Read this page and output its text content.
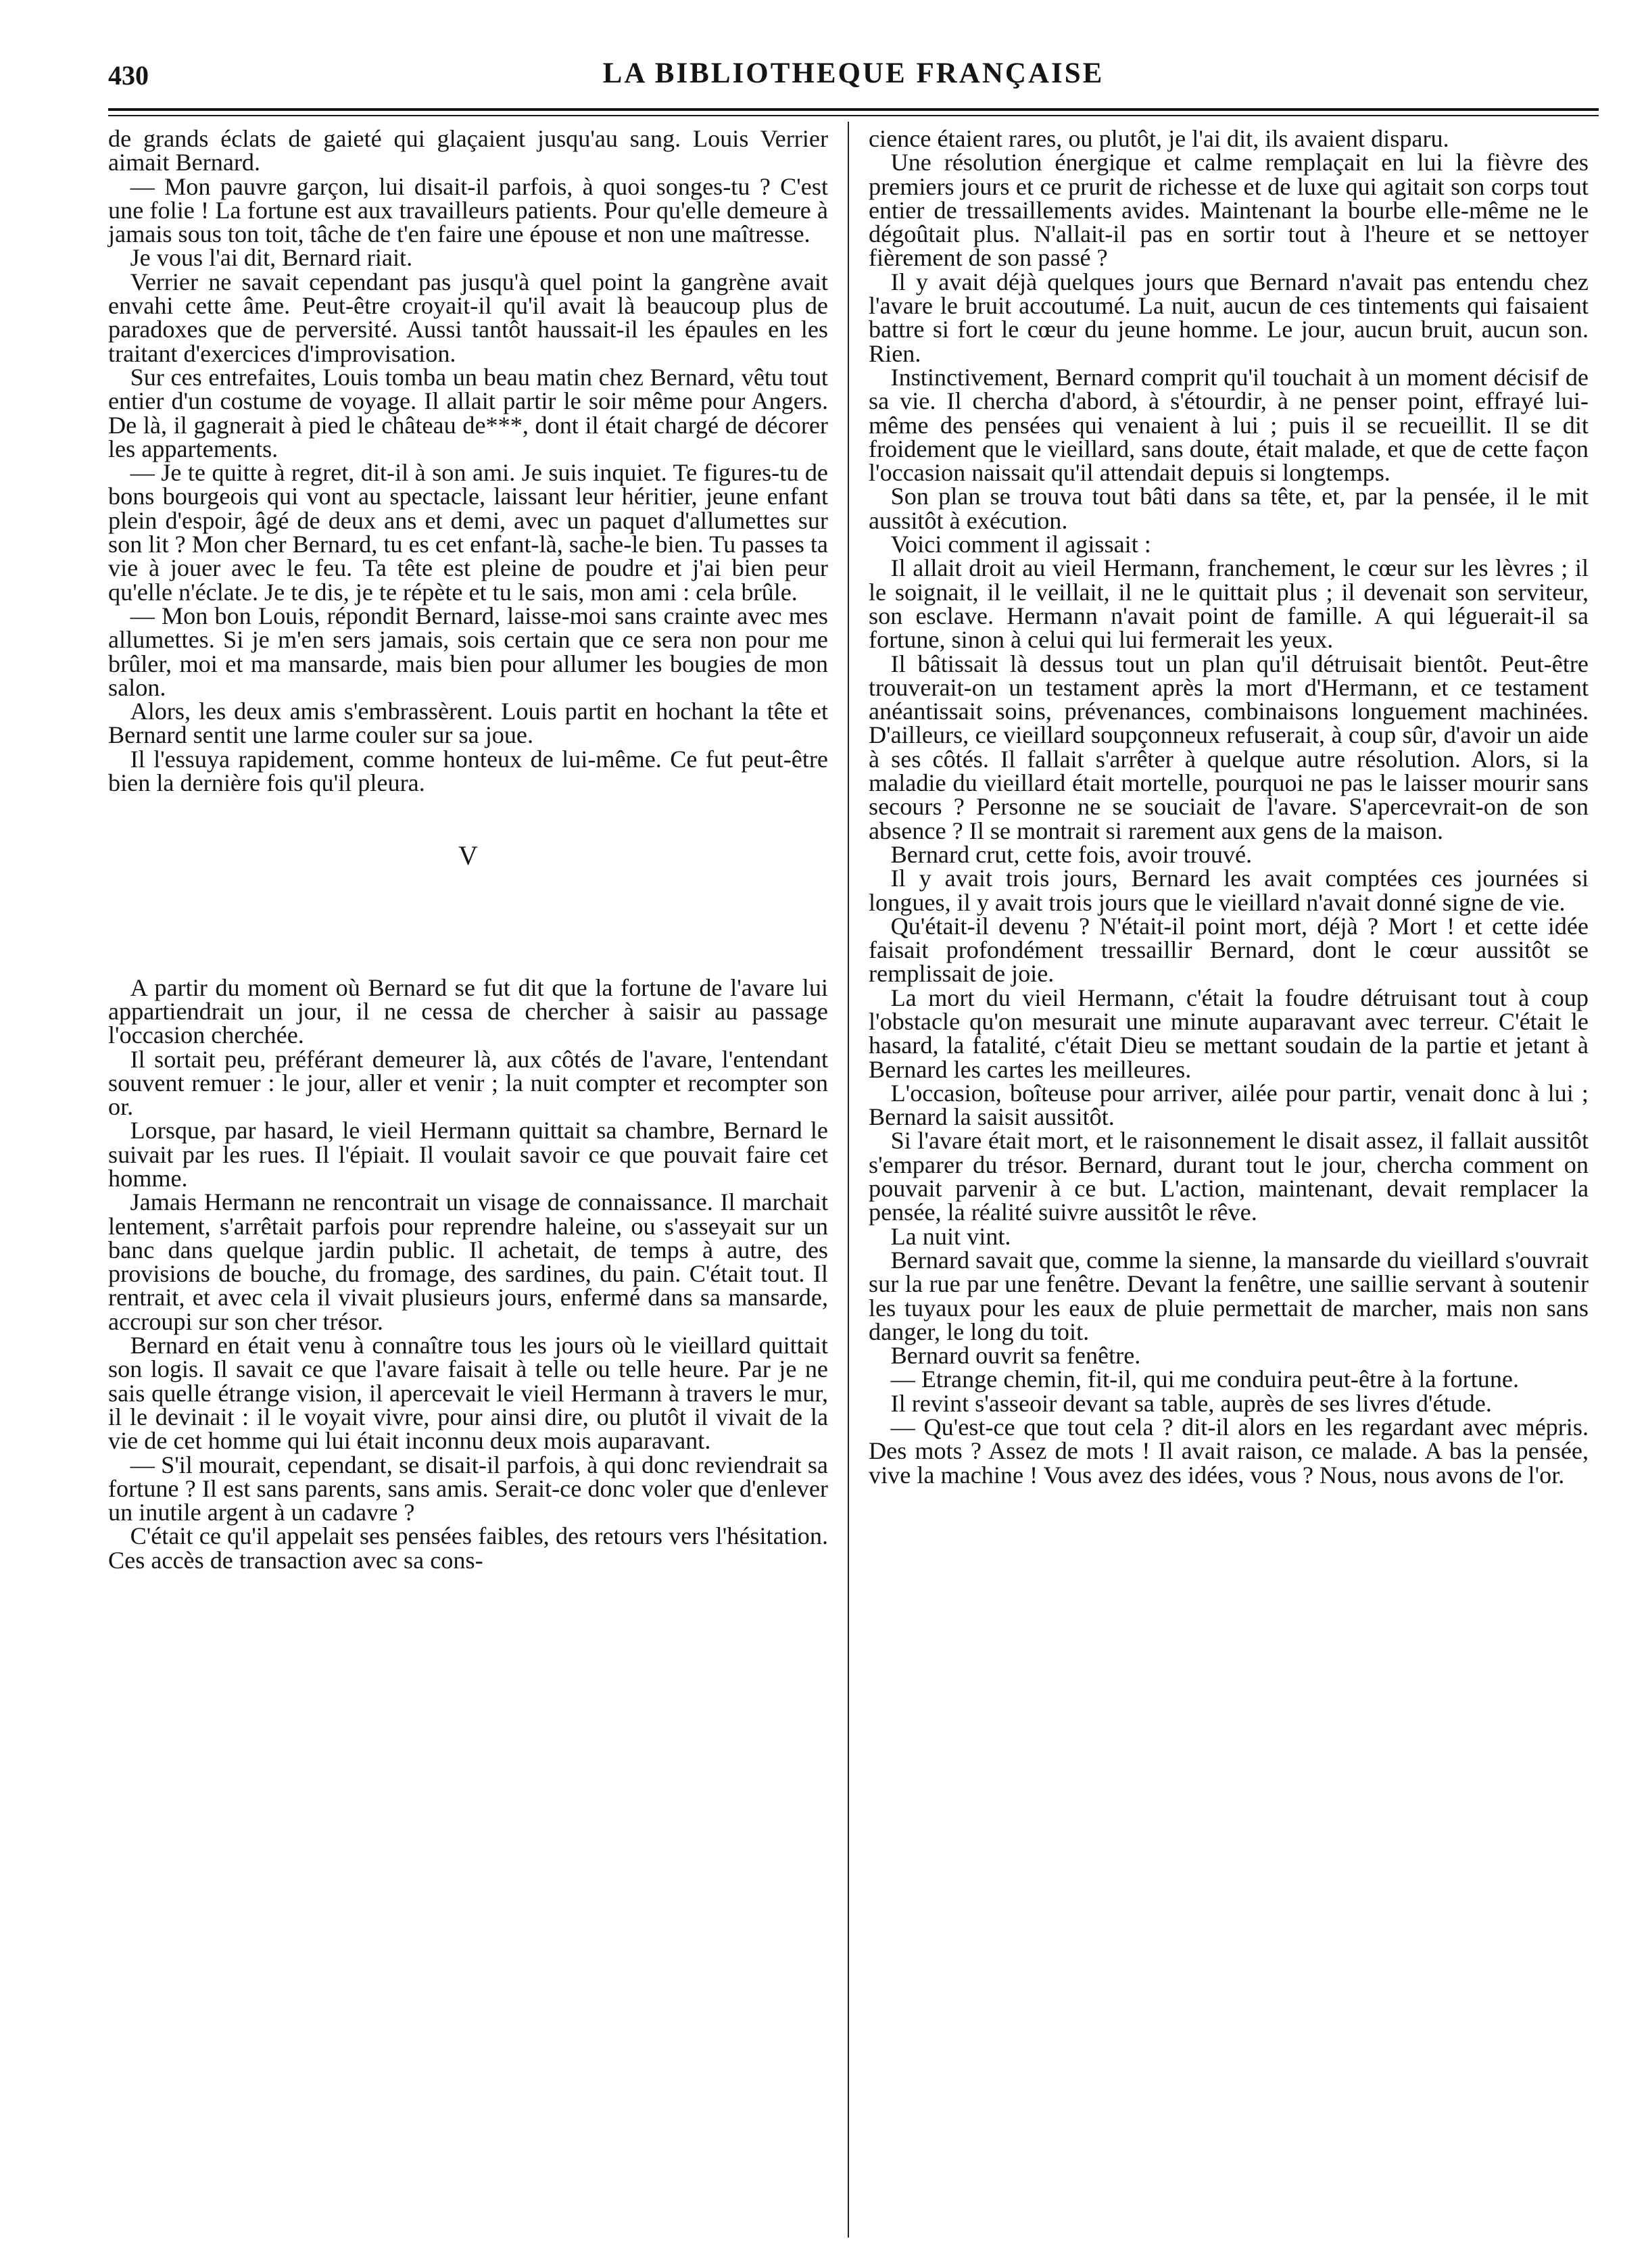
430	LA BIBLIOTHEQUE FRANÇAISE

de grands éclats de gaieté qui glaçaient jusqu'au sang. Louis Verrier aimait Bernard.

— Mon pauvre garçon, lui disait-il parfois, à quoi songes-tu ? C'est une folie ! La fortune est aux travailleurs patients. Pour qu'elle demeure à jamais sous ton toit, tâche de t'en faire une épouse et non une maîtresse.

Je vous l'ai dit, Bernard riait.

Verrier ne savait cependant pas jusqu'à quel point la gangrène avait envahi cette âme. Peut-être croyait-il qu'il avait là beaucoup plus de paradoxes que de perversité. Aussi tantôt haussait-il les épaules en les traitant d'exercices d'improvisation.

Sur ces entrefaites, Louis tomba un beau matin chez Bernard, vêtu tout entier d'un costume de voyage. Il allait partir le soir même pour Angers. De là, il gagnerait à pied le château de***, dont il était chargé de décorer les appartements.

— Je te quitte à regret, dit-il à son ami. Je suis inquiet. Te figures-tu de bons bourgeois qui vont au spectacle, laissant leur héritier, jeune enfant plein d'espoir, âgé de deux ans et demi, avec un paquet d'allumettes sur son lit ? Mon cher Bernard, tu es cet enfant-là, sache-le bien. Tu passes ta vie à jouer avec le feu. Ta tête est pleine de poudre et j'ai bien peur qu'elle n'éclate. Je te dis, je te répète et tu le sais, mon ami : cela brûle.

— Mon bon Louis, répondit Bernard, laisse-moi sans crainte avec mes allumettes. Si je m'en sers jamais, sois certain que ce sera non pour me brûler, moi et ma mansarde, mais bien pour allumer les bougies de mon salon.

Alors, les deux amis s'embrassèrent. Louis partit en hochant la tête et Bernard sentit une larme couler sur sa joue.

Il l'essuya rapidement, comme honteux de lui-même. Ce fut peut-être bien la dernière fois qu'il pleura.

V

A partir du moment où Bernard se fut dit que la fortune de l'avare lui appartiendrait un jour, il ne cessa de chercher à saisir au passage l'occasion cherchée.

Il sortait peu, préférant demeurer là, aux côtés de l'avare, l'entendant souvent remuer : le jour, aller et venir ; la nuit compter et recompter son or.

Lorsque, par hasard, le vieil Hermann quittait sa chambre, Bernard le suivait par les rues. Il l'épiait. Il voulait savoir ce que pouvait faire cet homme.

Jamais Hermann ne rencontrait un visage de connaissance. Il marchait lentement, s'arrêtait parfois pour reprendre haleine, ou s'asseyait sur un banc dans quelque jardin public. Il achetait, de temps à autre, des provisions de bouche, du fromage, des sardines, du pain. C'était tout. Il rentrait, et avec cela il vivait plusieurs jours, enfermé dans sa mansarde, accroupi sur son cher trésor.

Bernard en était venu à connaître tous les jours où le vieillard quittait son logis. Il savait ce que l'avare faisait à telle ou telle heure. Par je ne sais quelle étrange vision, il apercevait le vieil Hermann à travers le mur, il le devinait : il le voyait vivre, pour ainsi dire, ou plutôt il vivait de la vie de cet homme qui lui était inconnu deux mois auparavant.

— S'il mourait, cependant, se disait-il parfois, à qui donc reviendrait sa fortune ? Il est sans parents, sans amis. Serait-ce donc voler que d'enlever un inutile argent à un cadavre ?

C'était ce qu'il appelait ses pensées faibles, des retours vers l'hésitation. Ces accès de transaction avec sa cons-

cience étaient rares, ou plutôt, je l'ai dit, ils avaient disparu.

Une résolution énergique et calme remplaçait en lui la fièvre des premiers jours et ce prurit de richesse et de luxe qui agitait son corps tout entier de tressaillements avides. Maintenant la bourbe elle-même ne le dégoûtait plus. N'allait-il pas en sortir tout à l'heure et se nettoyer fièrement de son passé ?

Il y avait déjà quelques jours que Bernard n'avait pas entendu chez l'avare le bruit accoutumé. La nuit, aucun de ces tintements qui faisaient battre si fort le cœur du jeune homme. Le jour, aucun bruit, aucun son. Rien.

Instinctivement, Bernard comprit qu'il touchait à un moment décisif de sa vie. Il chercha d'abord, à s'étourdir, à ne penser point, effrayé lui-même des pensées qui venaient à lui ; puis il se recueillit. Il se dit froidement que le vieillard, sans doute, était malade, et que de cette façon l'occasion naissait qu'il attendait depuis si longtemps.

Son plan se trouva tout bâti dans sa tête, et, par la pensée, il le mit aussitôt à exécution.

Voici comment il agissait :

Il allait droit au vieil Hermann, franchement, le cœur sur les lèvres ; il le soignait, il le veillait, il ne le quittait plus ; il devenait son serviteur, son esclave. Hermann n'avait point de famille. A qui léguerait-il sa fortune, sinon à celui qui lui fermerait les yeux.

Il bâtissait là dessus tout un plan qu'il détruisait bientôt. Peut-être trouverait-on un testament après la mort d'Hermann, et ce testament anéantissait soins, prévenances, combinaisons longuement machinées. D'ailleurs, ce vieillard soupçonneux refuserait, à coup sûr, d'avoir un aide à ses côtés. Il fallait s'arrêter à quelque autre résolution. Alors, si la maladie du vieillard était mortelle, pourquoi ne pas le laisser mourir sans secours ? Personne ne se souciait de l'avare. S'apercevrait-on de son absence ? Il se montrait si rarement aux gens de la maison.

Bernard crut, cette fois, avoir trouvé.

Il y avait trois jours, Bernard les avait comptées ces journées si longues, il y avait trois jours que le vieillard n'avait donné signe de vie.

Qu'était-il devenu ? N'était-il point mort, déjà ? Mort ! et cette idée faisait profondément tressaillir Bernard, dont le cœur aussitôt se remplissait de joie.

La mort du vieil Hermann, c'était la foudre détruisant tout à coup l'obstacle qu'on mesurait une minute auparavant avec terreur. C'était le hasard, la fatalité, c'était Dieu se mettant soudain de la partie et jetant à Bernard les cartes les meilleures.

L'occasion, boîteuse pour arriver, ailée pour partir, venait donc à lui ; Bernard la saisit aussitôt.

Si l'avare était mort, et le raisonnement le disait assez, il fallait aussitôt s'emparer du trésor. Bernard, durant tout le jour, chercha comment on pouvait parvenir à ce but. L'action, maintenant, devait remplacer la pensée, la réalité suivre aussitôt le rêve.

La nuit vint.

Bernard savait que, comme la sienne, la mansarde du vieillard s'ouvrait sur la rue par une fenêtre. Devant la fenêtre, une saillie servant à soutenir les tuyaux pour les eaux de pluie permettait de marcher, mais non sans danger, le long du toit.

Bernard ouvrit sa fenêtre.

— Etrange chemin, fit-il, qui me conduira peut-être à la fortune.

Il revint s'asseoir devant sa table, auprès de ses livres d'étude.

— Qu'est-ce que tout cela ? dit-il alors en les regardant avec mépris. Des mots ? Assez de mots ! Il avait raison, ce malade. A bas la pensée, vive la machine ! Vous avez des idées, vous ? Nous, nous avons de l'or.
